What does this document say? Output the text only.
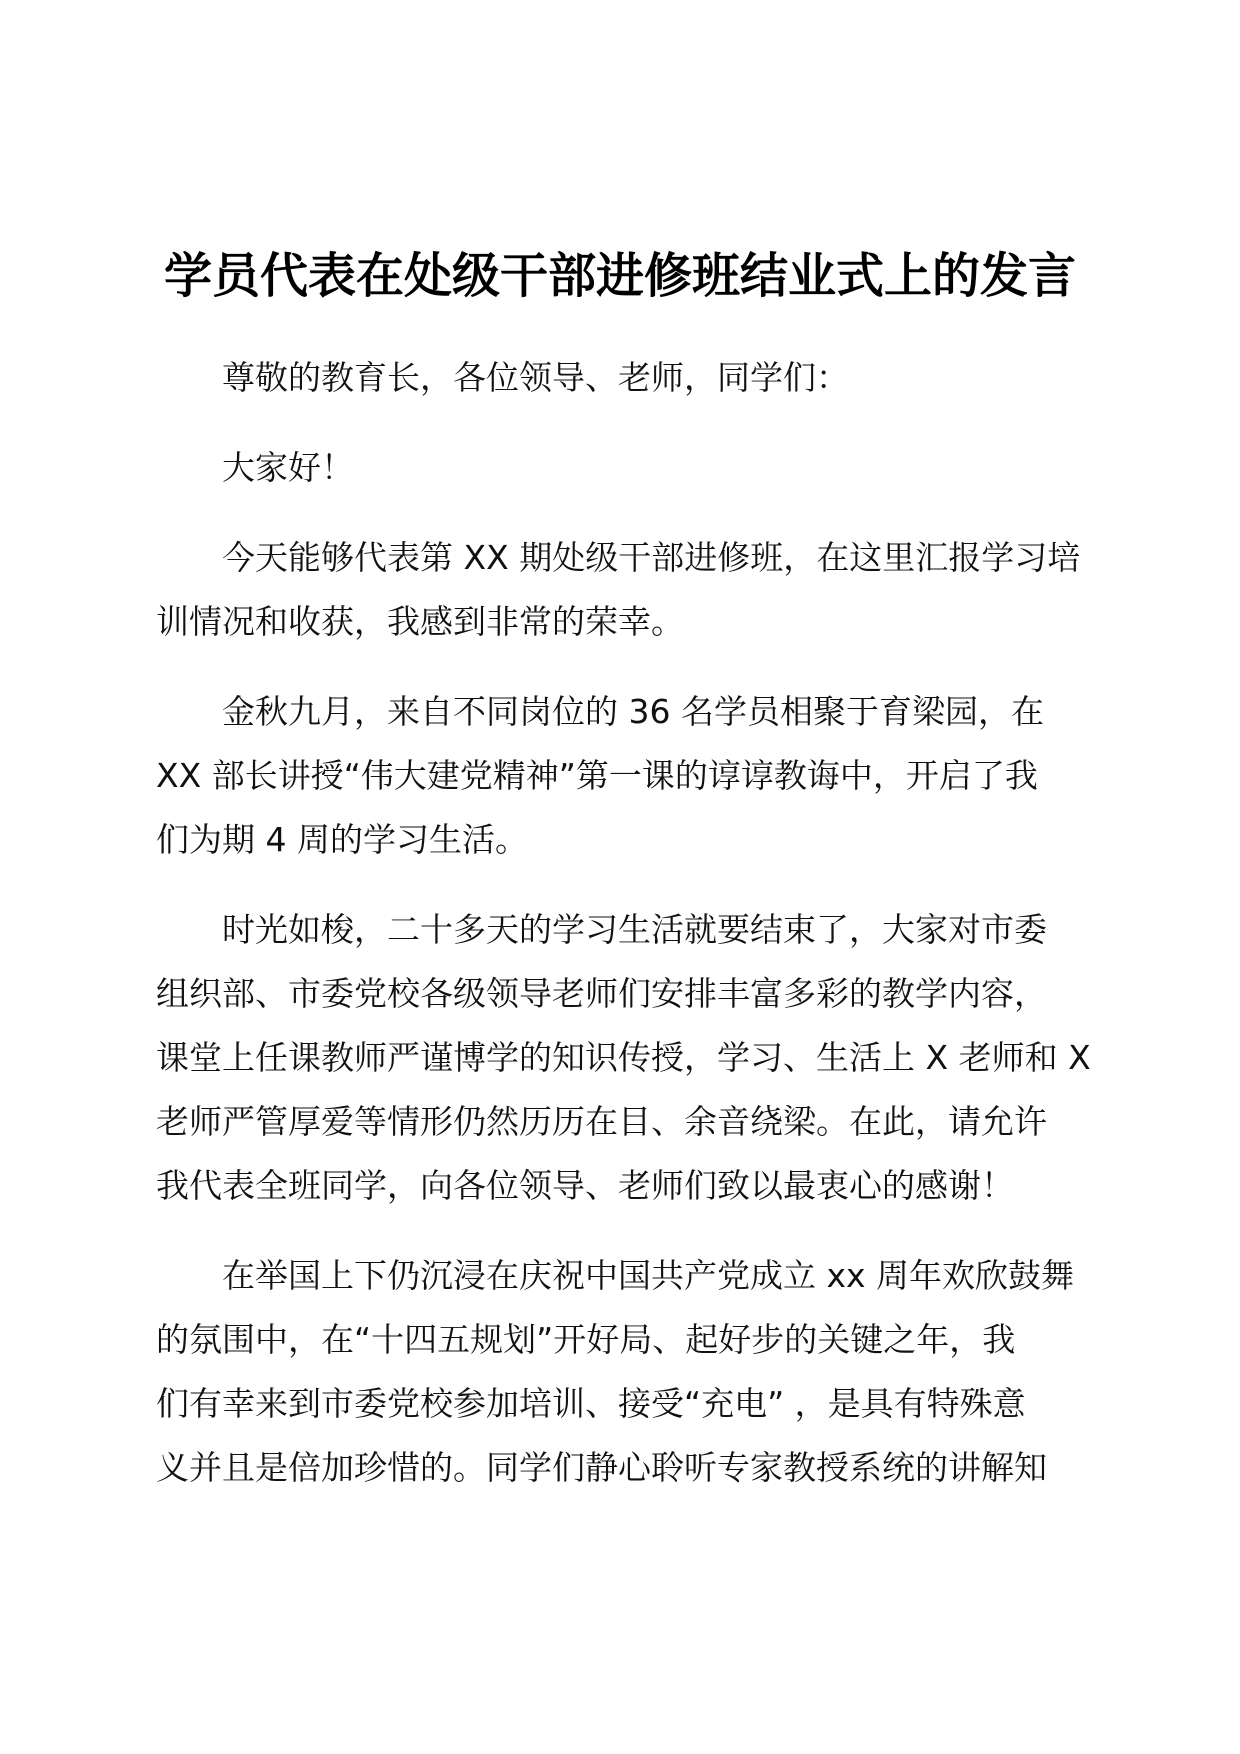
学员代表在处级干部进修班结业式上的发言

尊敬的教育长，各位领导、老师，同学们：

大家好！

今天能够代表第 XX 期处级干部进修班，在这里汇报学习培
训情况和收获，我感到非常的荣幸。

金秋九月，来自不同岗位的 36 名学员相聚于育梁园，在
XX 部长讲授“伟大建党精神”第一课的谆谆教诲中，开启了我
们为期 4 周的学习生活。

时光如梭，二十多天的学习生活就要结束了，大家对市委
组织部、市委党校各级领导老师们安排丰富多彩的教学内容，
课堂上任课教师严谨博学的知识传授，学习、生活上 X 老师和 X
老师严管厚爱等情形仍然历历在目、余音绕梁。在此，请允许
我代表全班同学，向各位领导、老师们致以最衷心的感谢！

在举国上下仍沉浸在庆祝中国共产党成立 xx 周年欢欣鼓舞
的氛围中，在“十四五规划”开好局、起好步的关键之年，我
们有幸来到市委党校参加培训、接受“充电” ，是具有特殊意
义并且是倍加珍惜的。同学们静心聆听专家教授系统的讲解知
